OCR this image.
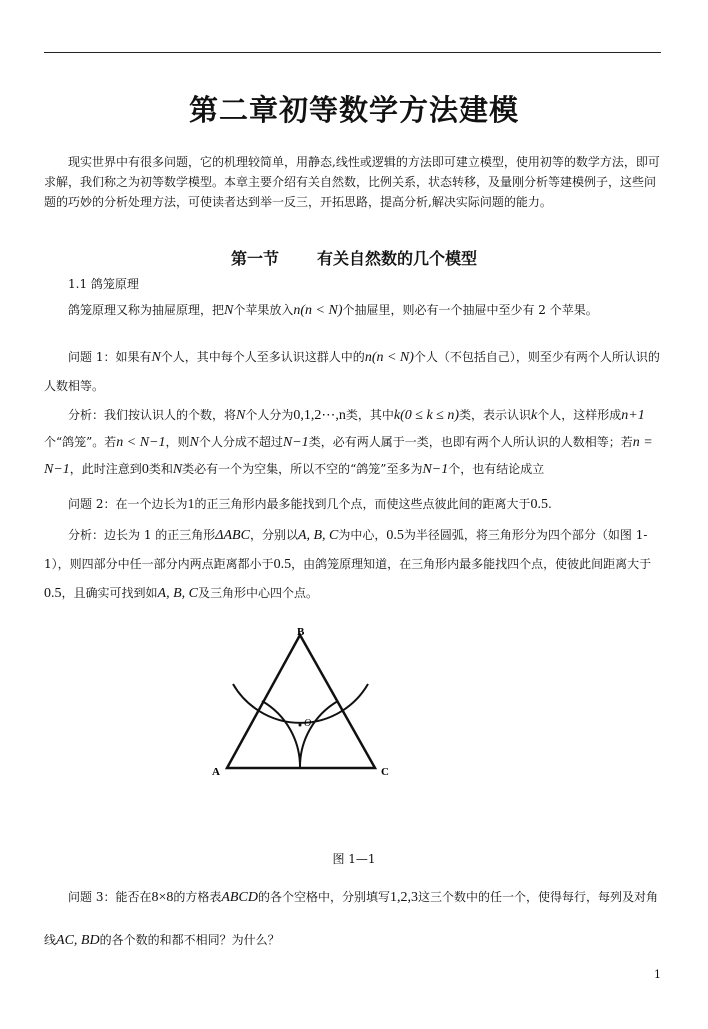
第二章初等数学方法建模

现实世界中有很多问题，它的机理较简单，用静态,线性或逻辑的方法即可建立模型，使用初等的数学方法，即可求解，我们称之为初等数学模型。本章主要介绍有关自然数，比例关系，状态转移，及量刚分析等建模例子，这些问题的巧妙的分析处理方法，可使读者达到举一反三，开拓思路，提高分析,解决实际问题的能力。

第一节 有关自然数的几个模型

1.1 鸽笼原理

鸽笼原理又称为抽屉原理，把N个苹果放入n(n < N)个抽屉里，则必有一个抽屉中至少有 2 个苹果。

问题 1：如果有N个人，其中每个人至多认识这群人中的n(n < N)个人（不包括自己），则至少有两个人所认识的人数相等。

分析：我们按认识人的个数，将N个人分为0,1,2⋯,n类，其中k(0 ≤ k ≤ n)类，表示认识k个人，这样形成n+1个“鸽笼”。若n < N−1，则N个人分成不超过N−1类，必有两人属于一类，也即有两个人所认识的人数相等；若n = N−1，此时注意到0类和N类必有一个为空集，所以不空的“鸽笼”至多为N−1个，也有结论成立

问题 2：在一个边长为1的正三角形内最多能找到几个点，而使这些点彼此间的距离大于0.5.

分析：边长为 1 的正三角形ΔABC，分别以A, B, C为中心，0.5为半径圆弧，将三角形分为四个部分（如图 1-1），则四部分中任一部分内两点距离都小于0.5，由鸽笼原理知道，在三角形内最多能找四个点，使彼此间距离大于0.5，且确实可找到如A, B, C及三角形中心四个点。

B
A	C
O
图 1—1

问题 3：能否在8×8的方格表ABCD的各个空格中，分别填写1,2,3这三个数中的任一个，使得每行，每列及对角线AC, BD的各个数的和都不相同？为什么？

1
